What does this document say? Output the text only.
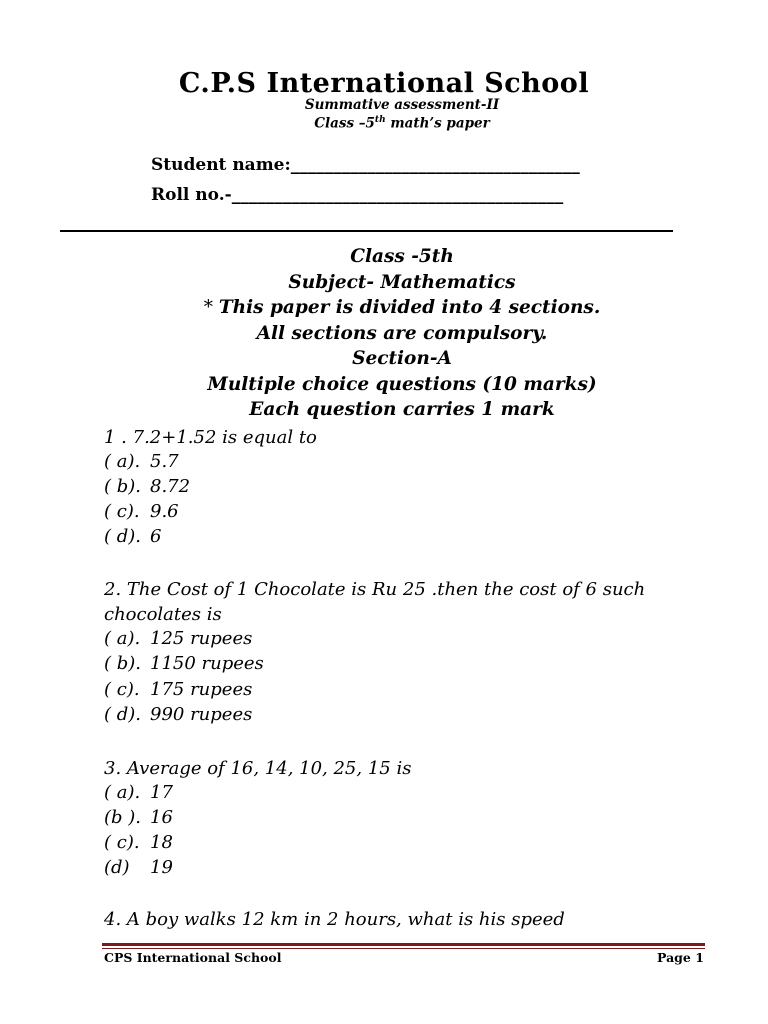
C.P.S International School
Summative assessment-II
Class –5th math’s paper
Student name:__________________________________
Roll no.-_______________________________________
Class -5th
Subject- Mathematics
* This paper is divided into 4 sections.
All sections are compulsory.
Section-A
Multiple choice questions (10 marks)
Each question carries 1 mark
1 . 7.2+1.52 is equal to
( a). 5.7
( b). 8.72
( c). 9.6
( d). 6
2. The Cost of 1 Chocolate is Ru 25 .then the cost of 6 such
chocolates is
( a). 125 rupees
( b). 1150 rupees
( c). 175 rupees
( d). 990 rupees
3. Average of 16, 14, 10, 25, 15 is
( a). 17
(b ). 16
( c). 18
(d) 19
4. A boy walks 12 km in 2 hours, what is his speed
CPS International School	Page 1
